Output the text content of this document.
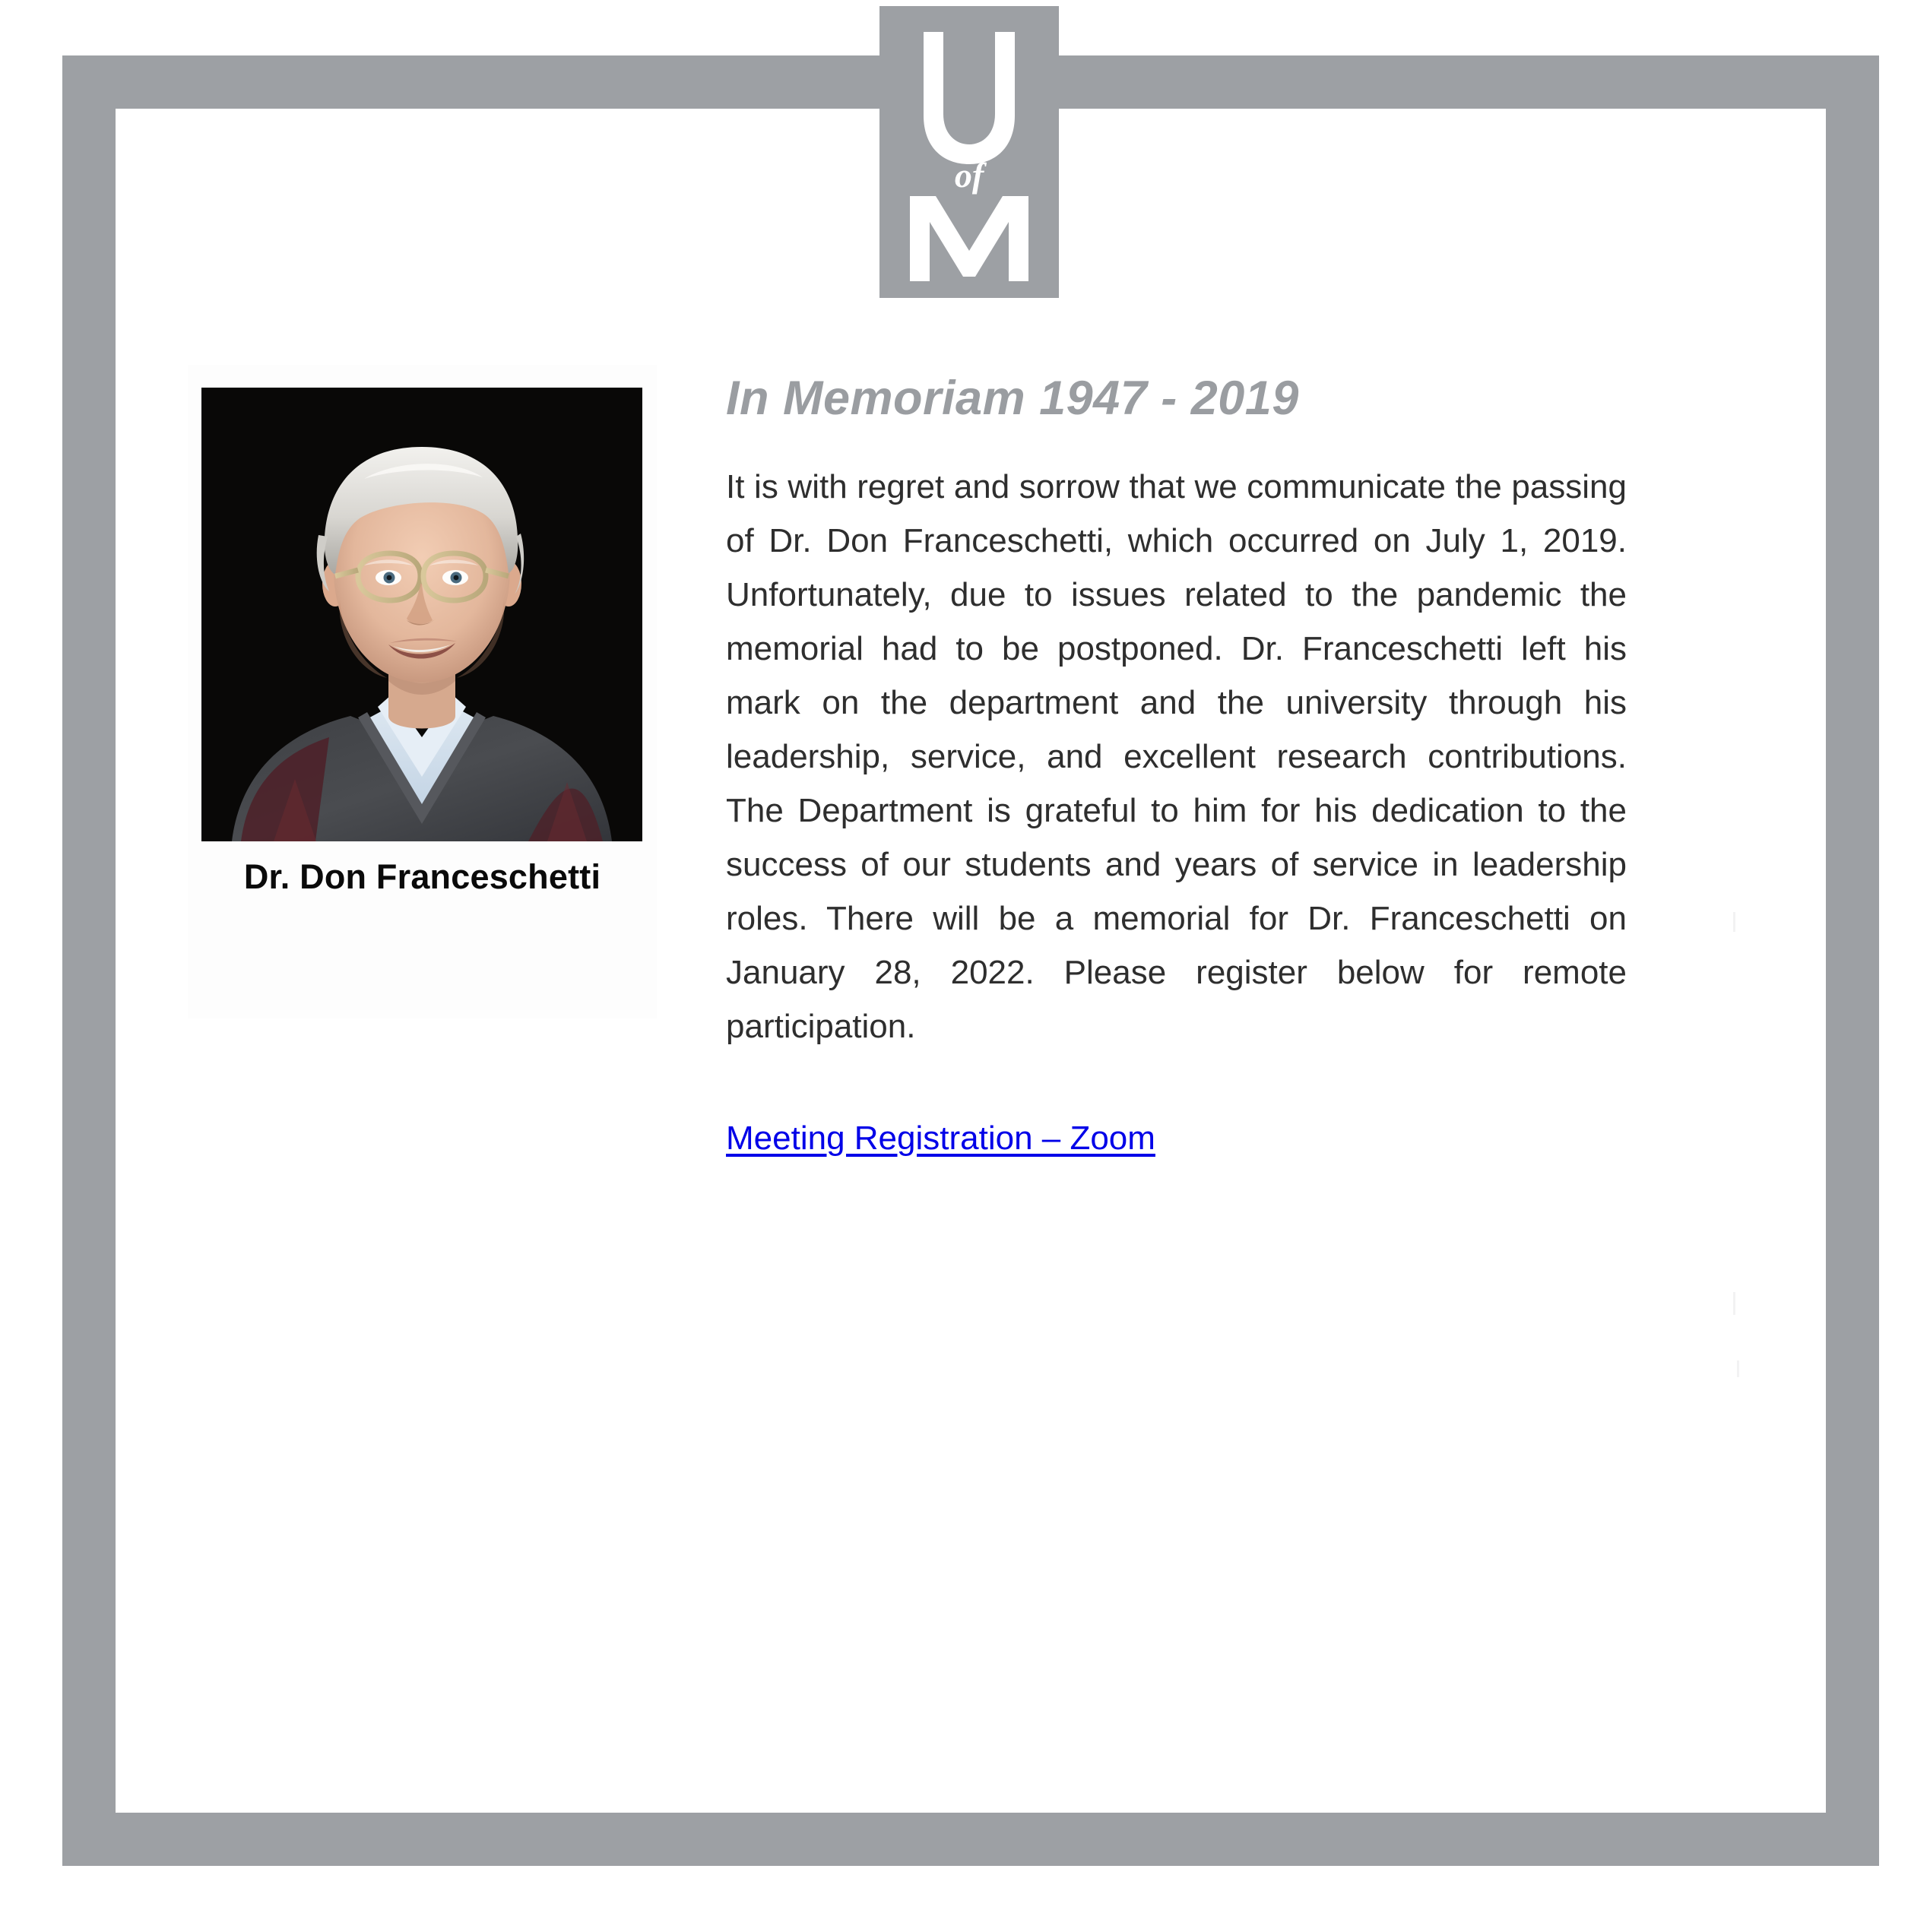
of
Dr. Don Franceschetti
In Memoriam 1947 - 2019

It is with regret and sorrow that we communicate the passing of Dr. Don Franceschetti, which occurred on July 1, 2019. Unfortunately, due to issues related to the pandemic the memorial had to be postponed. Dr. Franceschetti left his mark on the department and the university through his leadership, service, and excellent research contributions. The Department is grateful to him for his dedication to the success of our students and years of service in leadership roles. There will be a memorial for Dr. Franceschetti on January 28, 2022. Please register below for remote participation.

Meeting Registration – Zoom
